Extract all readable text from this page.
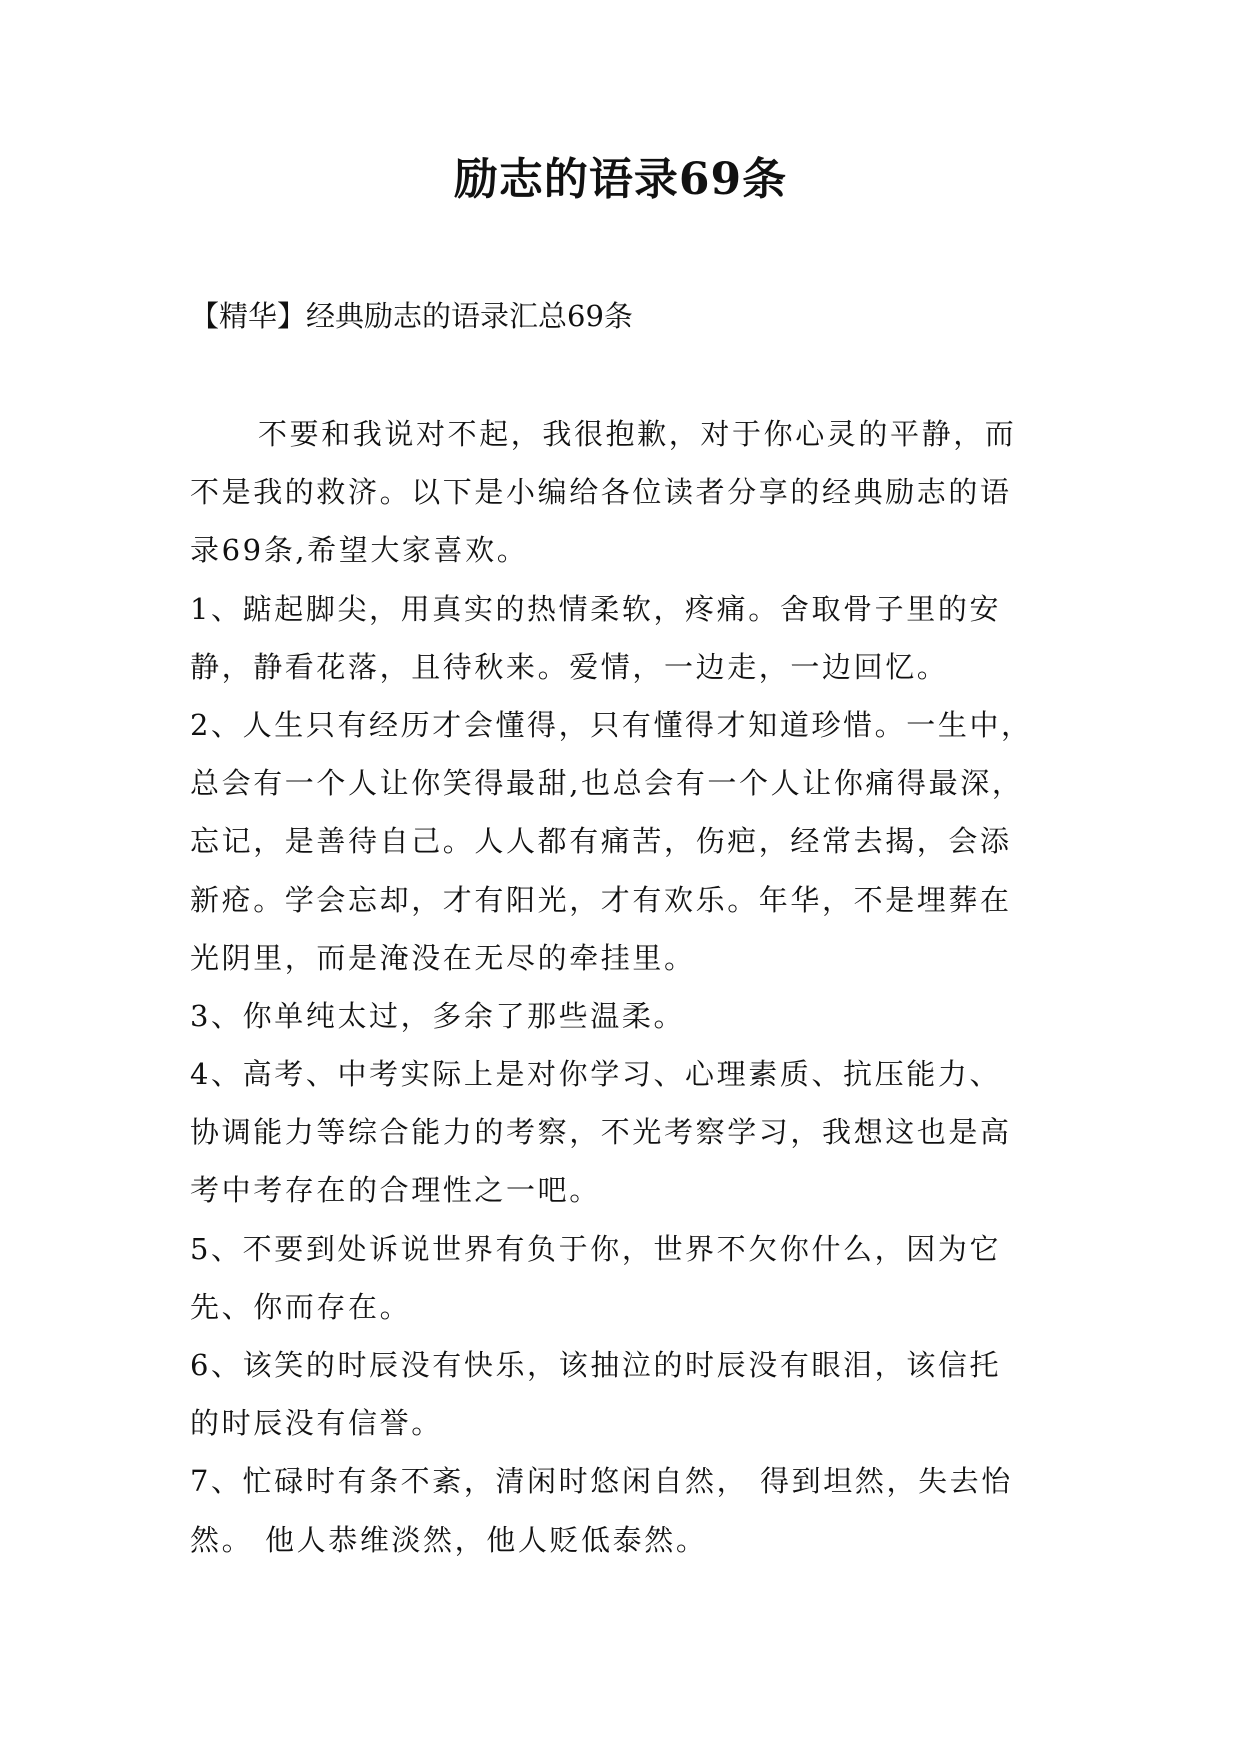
励志的语录69条

【精华】经典励志的语录汇总69条

不要和我说对不起，我很抱歉，对于你心灵的平静，而
不是我的救济。以下是小编给各位读者分享的经典励志的语
录69条,希望大家喜欢。
1、踮起脚尖，用真实的热情柔软，疼痛。舍取骨子里的安
静，静看花落，且待秋来。爱情，一边走，一边回忆。
2、人生只有经历才会懂得，只有懂得才知道珍惜。一生中，
总会有一个人让你笑得最甜,也总会有一个人让你痛得最深，
忘记，是善待自己。人人都有痛苦，伤疤，经常去揭，会添
新疮。学会忘却，才有阳光，才有欢乐。年华，不是埋葬在
光阴里，而是淹没在无尽的牵挂里。
3、你单纯太过，多余了那些温柔。
4、高考、中考实际上是对你学习、心理素质、抗压能力、
协调能力等综合能力的考察，不光考察学习，我想这也是高
考中考存在的合理性之一吧。
5、不要到处诉说世界有负于你，世界不欠你什么，因为它
先、你而存在。
6、该笑的时辰没有快乐，该抽泣的时辰没有眼泪，该信托
的时辰没有信誉。
7、忙碌时有条不紊，清闲时悠闲自然， 得到坦然，失去怡
然。 他人恭维淡然，他人贬低泰然。
